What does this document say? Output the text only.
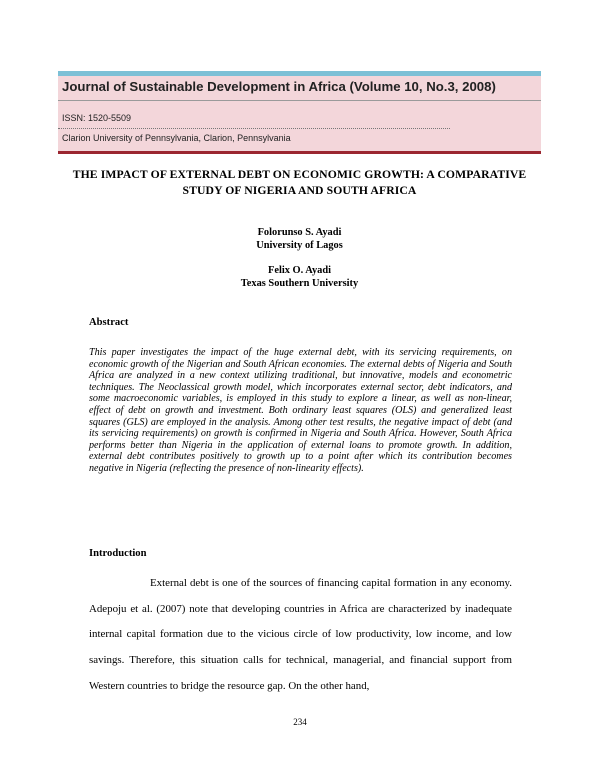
Journal of Sustainable Development in Africa (Volume 10, No.3, 2008)
ISSN: 1520-5509
Clarion University of Pennsylvania, Clarion, Pennsylvania
THE IMPACT OF EXTERNAL DEBT ON ECONOMIC GROWTH: A COMPARATIVE STUDY OF NIGERIA AND SOUTH AFRICA
Folorunso S. Ayadi
University of Lagos
Felix O. Ayadi
Texas Southern University
Abstract
This paper investigates the impact of the huge external debt, with its servicing requirements, on economic growth of the Nigerian and South African economies. The external debts of Nigeria and South Africa are analyzed in a new context utilizing traditional, but innovative, models and econometric techniques. The Neoclassical growth model, which incorporates external sector, debt indicators, and some macroeconomic variables, is employed in this study to explore a linear, as well as non-linear, effect of debt on growth and investment. Both ordinary least squares (OLS) and generalized least squares (GLS) are employed in the analysis. Among other test results, the negative impact of debt (and its servicing requirements) on growth is confirmed in Nigeria and South Africa. However, South Africa performs better than Nigeria in the application of external loans to promote growth. In addition, external debt contributes positively to growth up to a point after which its contribution becomes negative in Nigeria (reflecting the presence of non-linearity effects).
Introduction
External debt is one of the sources of financing capital formation in any economy. Adepoju et al. (2007) note that developing countries in Africa are characterized by inadequate internal capital formation due to the vicious circle of low productivity, low income, and low savings. Therefore, this situation calls for technical, managerial, and financial support from Western countries to bridge the resource gap. On the other hand,
234
